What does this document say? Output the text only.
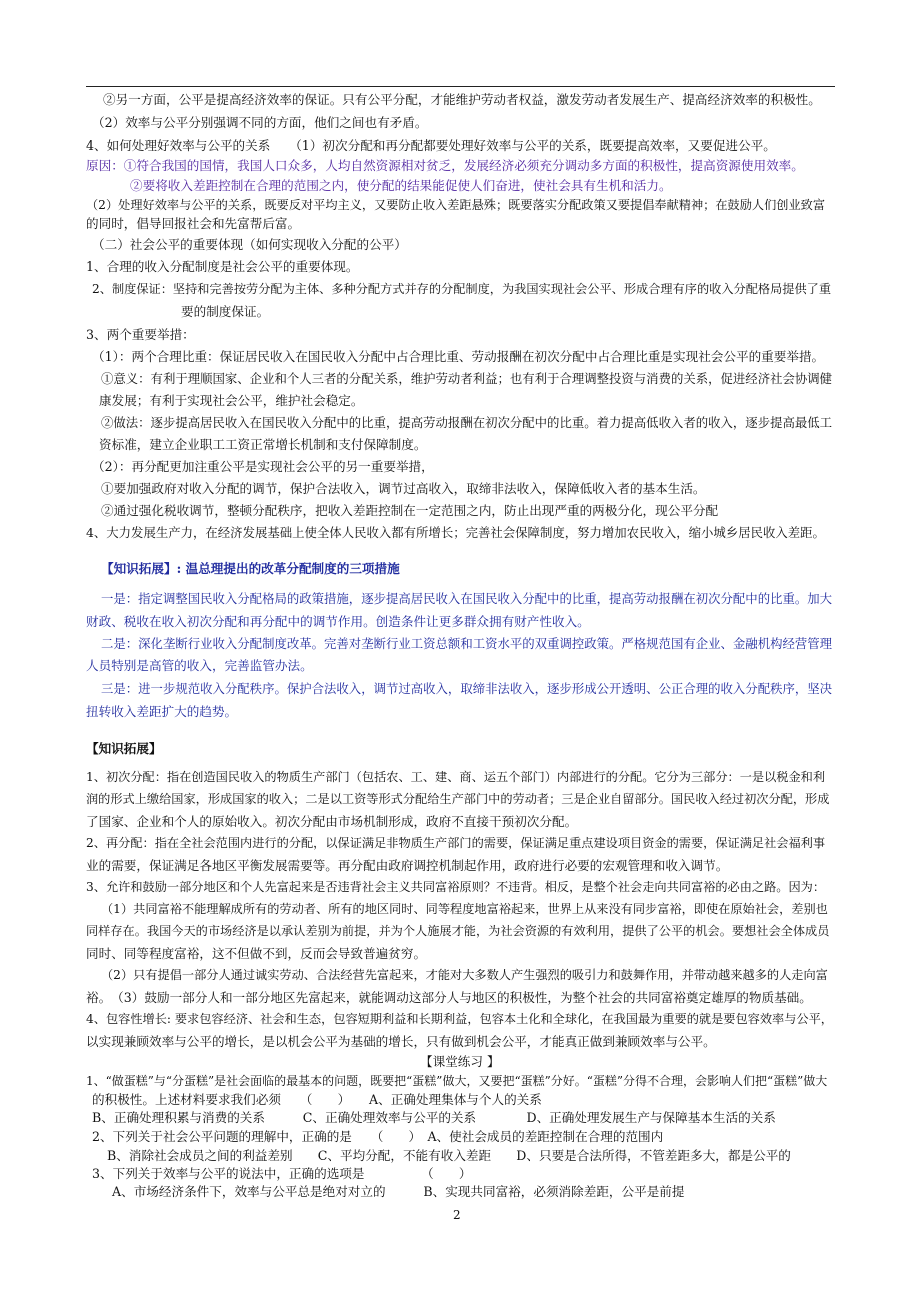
②另一方面，公平是提高经济效率的保证。只有公平分配，才能维护劳动者权益，激发劳动者发展生产、提高经济效率的积极性。
（2）效率与公平分别强调不同的方面，他们之间也有矛盾。
4、如何处理好效率与公平的关系　　（1）初次分配和再分配都要处理好效率与公平的关系，既要提高效率，又要促进公平。
原因：①符合我国的国情，我国人口众多，人均自然资源相对贫乏，发展经济必须充分调动多方面的积极性，提高资源使用效率。
②要将收入差距控制在合理的范围之内，使分配的结果能促使人们奋进，使社会具有生机和活力。
（2）处理好效率与公平的关系，既要反对平均主义，又要防止收入差距悬殊；既要落实分配政策又要提倡奉献精神；在鼓励人们创业致富
的同时，倡导回报社会和先富帮后富。
（二）社会公平的重要体现（如何实现收入分配的公平）
1、合理的收入分配制度是社会公平的重要体现。
2、制度保证：坚持和完善按劳分配为主体、多种分配方式并存的分配制度，为我国实现社会公平、形成合理有序的收入分配格局提供了重
要的制度保证。
3、两个重要举措：
（1）：两个合理比重：保证居民收入在国民收入分配中占合理比重、劳动报酬在初次分配中占合理比重是实现社会公平的重要举措。
①意义：有利于理顺国家、企业和个人三者的分配关系，维护劳动者利益；也有利于合理调整投资与消费的关系，促进经济社会协调健
康发展；有利于实现社会公平，维护社会稳定。
②做法：逐步提高居民收入在国民收入分配中的比重，提高劳动报酬在初次分配中的比重。着力提高低收入者的收入，逐步提高最低工
资标准，建立企业职工工资正常增长机制和支付保障制度。
（2）：再分配更加注重公平是实现社会公平的另一重要举措，
①要加强政府对收入分配的调节，保护合法收入，调节过高收入，取缔非法收入，保障低收入者的基本生活。
②通过强化税收调节，整顿分配秩序，把收入差距控制在一定范围之内，防止出现严重的两极分化，现公平分配
4、大力发展生产力，在经济发展基础上使全体人民收入都有所增长；完善社会保障制度，努力增加农民收入，缩小城乡居民收入差距。
【知识拓展】: 温总理提出的改革分配制度的三项措施
一是：指定调整国民收入分配格局的政策措施，逐步提高居民收入在国民收入分配中的比重，提高劳动报酬在初次分配中的比重。加大
财政、税收在收入初次分配和再分配中的调节作用。创造条件让更多群众拥有财产性收入。
二是：深化垄断行业收入分配制度改革。完善对垄断行业工资总额和工资水平的双重调控政策。严格规范国有企业、金融机构经营管理
人员特别是高管的收入，完善监管办法。
三是：进一步规范收入分配秩序。保护合法收入，调节过高收入，取缔非法收入，逐步形成公开透明、公正合理的收入分配秩序，坚决
扭转收入差距扩大的趋势。
【知识拓展】
1、初次分配：指在创造国民收入的物质生产部门（包括农、工、建、商、运五个部门）内部进行的分配。它分为三部分：一是以税金和利
润的形式上缴给国家，形成国家的收入；二是以工资等形式分配给生产部门中的劳动者；三是企业自留部分。国民收入经过初次分配，形成
了国家、企业和个人的原始收入。初次分配由市场机制形成，政府不直接干预初次分配。
2、再分配：指在全社会范围内进行的分配，以保证满足非物质生产部门的需要，保证满足重点建设项目资金的需要，保证满足社会福利事
业的需要，保证满足各地区平衡发展需要等。再分配由政府调控机制起作用，政府进行必要的宏观管理和收入调节。
3、允许和鼓励一部分地区和个人先富起来是否违背社会主义共同富裕原则？不违背。相反，是整个社会走向共同富裕的必由之路。因为：
（1）共同富裕不能理解成所有的劳动者、所有的地区同时、同等程度地富裕起来，世界上从来没有同步富裕，即使在原始社会，差别也
同样存在。我国今天的市场经济是以承认差别为前提，并为个人施展才能，为社会资源的有效利用，提供了公平的机会。要想社会全体成员
同时、同等程度富裕，这不但做不到，反而会导致普遍贫穷。
（2）只有提倡一部分人通过诚实劳动、合法经营先富起来，才能对大多数人产生强烈的吸引力和鼓舞作用，并带动越来越多的人走向富
裕。　（3）鼓励一部分人和一部分地区先富起来，就能调动这部分人与地区的积极性，为整个社会的共同富裕奠定雄厚的物质基础。
4、包容性增长: 要求包容经济、社会和生态，包容短期利益和长期利益，包容本土化和全球化，在我国最为重要的就是要包容效率与公平，
以实现兼顾效率与公平的增长，是以机会公平为基础的增长，只有做到机会公平，才能真正做到兼顾效率与公平。
【课堂练习 】
1、“做蛋糕”与“分蛋糕”是社会面临的最基本的问题，既要把“蛋糕”做大，又要把“蛋糕”分好。“蛋糕”分得不合理，会影响人们把“蛋糕”做大
的积极性。上述材料要求我们必须　　（　　）　　A、正确处理集体与个人的关系
B、正确处理积累与消费的关系　　　C、正确处理效率与公平的关系　　　　D、正确处理发展生产与保障基本生活的关系
2、下列关于社会公平问题的理解中，正确的是　　（　　）　A、使社会成员的差距控制在合理的范围内
B、消除社会成员之间的利益差别　　C、平均分配，不能有收入差距　　D、只要是合法所得，不管差距多大，都是公平的
3、下列关于效率与公平的说法中，正确的选项是　　　　　（　　）
A、市场经济条件下，效率与公平总是绝对对立的　　　B、实现共同富裕，必须消除差距，公平是前提
2
